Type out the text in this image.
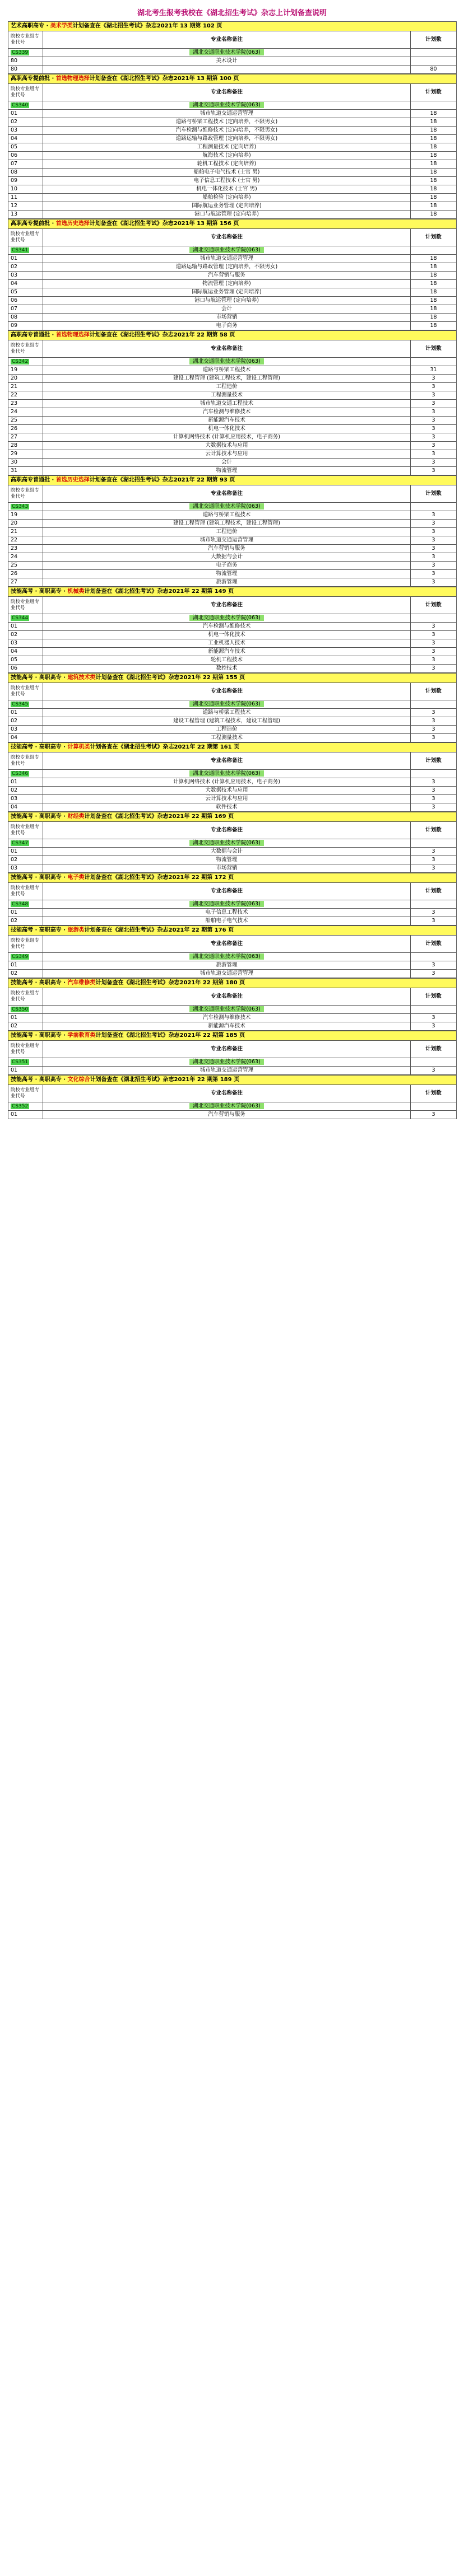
湖北考生报考我校在《湖北招生考试》杂志上计划备查说明
艺术高职高专 · 美术学类计划备查在《湖北招生考试》杂志2021年 13 期第 102 页		
院校专业组专业代号	专业名称备注	计划数
CS339	湖北交通职业技术学院(063)	
80	美术设计	
80		80
高职高专提前批 · 首选物理选择计划备查在《湖北招生考试》杂志2021年 13 期第 100 页		
院校专业组专业代号	专业名称备注	计划数
CS340	湖北交通职业技术学院(063)	
01	城市轨道交通运营管理	18
02	道路与桥梁工程技术 (定向培养，不限男女)	18
03	汽车检测与维修技术 (定向培养，不限男女)	18
04	道路运输与路政管理 (定向培养，不限男女)	18
05	工程测量技术 (定向培养)	18
06	航海技术 (定向培养)	18
07	轮机工程技术 (定向培养)	18
08	船舶电子电气技术 (士官 男)	18
09	电子信息工程技术 (士官 男)	18
10	机电一体化技术 (士官 男)	18
11	船舶检验 (定向培养)	18
12	国际航运业务管理 (定向培养)	18
13	港口与航运管理 (定向培养)	18
高职高专提前批 · 首选历史选择计划备查在《湖北招生考试》杂志2021年 13 期第 156 页		
院校专业组专业代号	专业名称备注	计划数
CS341	湖北交通职业技术学院(063)	
01	城市轨道交通运营管理	18
02	道路运输与路政管理 (定向培养，不限男女)	18
03	汽车营销与服务	18
04	物流管理 (定向培养)	18
05	国际航运业务管理 (定向培养)	18
06	港口与航运管理 (定向培养)	18
07	会计	18
08	市场营销	18
09	电子商务	18
高职高专普通批 · 首选物理选择计划备查在《湖北招生考试》杂志2021年 22 期第 58 页		
院校专业组专业代号	专业名称备注	计划数
CS342	湖北交通职业技术学院(063)	
19	道路与桥梁工程技术	31
20	建设工程管理 (建筑工程技术，建设工程管理)	3
21	工程造价	3
22	工程测量技术	3
23	城市轨道交通工程技术	3
24	汽车检测与维修技术	3
25	新能源汽车技术	3
26	机电一体化技术	3
27	计算机网络技术 (计算机应用技术，电子商务)	3
28	大数据技术与应用	3
29	云计算技术与应用	3
30	会计	3
31	物流管理	3
高职高专普通批 · 首选历史选择计划备查在《湖北招生考试》杂志2021年 22 期第 93 页		
院校专业组专业代号	专业名称备注	计划数
CS343	湖北交通职业技术学院(063)	
19	道路与桥梁工程技术	3
20	建设工程管理 (建筑工程技术，建设工程管理)	3
21	工程造价	3
22	城市轨道交通运营管理	3
23	汽车营销与服务	3
24	大数据与会计	3
25	电子商务	3
26	物流管理	3
27	旅游管理	3
技能高考 · 高职高专 · 机械类计划备查在《湖北招生考试》杂志2021年 22 期第 149 页		
院校专业组专业代号	专业名称备注	计划数
CS344	湖北交通职业技术学院(063)	
01	汽车检测与维修技术	3
02	机电一体化技术	3
03	工业机器人技术	3
04	新能源汽车技术	3
05	轮机工程技术	3
06	数控技术	3
技能高考 · 高职高专 · 建筑技术类计划备查在《湖北招生考试》杂志2021年 22 期第 155 页		
院校专业组专业代号	专业名称备注	计划数
CS345	湖北交通职业技术学院(063)	
01	道路与桥梁工程技术	3
02	建设工程管理 (建筑工程技术，建设工程管理)	3
03	工程造价	3
04	工程测量技术	3
技能高考 · 高职高专 · 计算机类计划备查在《湖北招生考试》杂志2021年 22 期第 161 页		
院校专业组专业代号	专业名称备注	计划数
CS346	湖北交通职业技术学院(063)	
01	计算机网络技术 (计算机应用技术，电子商务)	3
02	大数据技术与应用	3
03	云计算技术与应用	3
04	软件技术	3
技能高考 · 高职高专 · 财经类计划备查在《湖北招生考试》杂志2021年 22 期第 169 页		
院校专业组专业代号	专业名称备注	计划数
CS347	湖北交通职业技术学院(063)	
01	大数据与会计	3
02	物流管理	3
03	市场营销	3
技能高考 · 高职高专 · 电子类计划备查在《湖北招生考试》杂志2021年 22 期第 172 页		
院校专业组专业代号	专业名称备注	计划数
CS348	湖北交通职业技术学院(063)	
01	电子信息工程技术	3
02	船舶电子电气技术	3
技能高考 · 高职高专 · 旅游类计划备查在《湖北招生考试》杂志2021年 22 期第 176 页		
院校专业组专业代号	专业名称备注	计划数
CS349	湖北交通职业技术学院(063)	
01	旅游管理	3
02	城市轨道交通运营管理	3
技能高考 · 高职高专 · 汽车维修类计划备查在《湖北招生考试》杂志2021年 22 期第 180 页		
院校专业组专业代号	专业名称备注	计划数
CS350	湖北交通职业技术学院(063)	
01	汽车检测与维修技术	3
02	新能源汽车技术	3
技能高考 · 高职高专 · 学前教育类计划备查在《湖北招生考试》杂志2021年 22 期第 185 页		
院校专业组专业代号	专业名称备注	计划数
CS351	湖北交通职业技术学院(063)	
01	城市轨道交通运营管理	3
技能高考 · 高职高专 · 文化综合计划备查在《湖北招生考试》杂志2021年 22 期第 189 页		
院校专业组专业代号	专业名称备注	计划数
CS352	湖北交通职业技术学院(063)	
01	汽车营销与服务	3
